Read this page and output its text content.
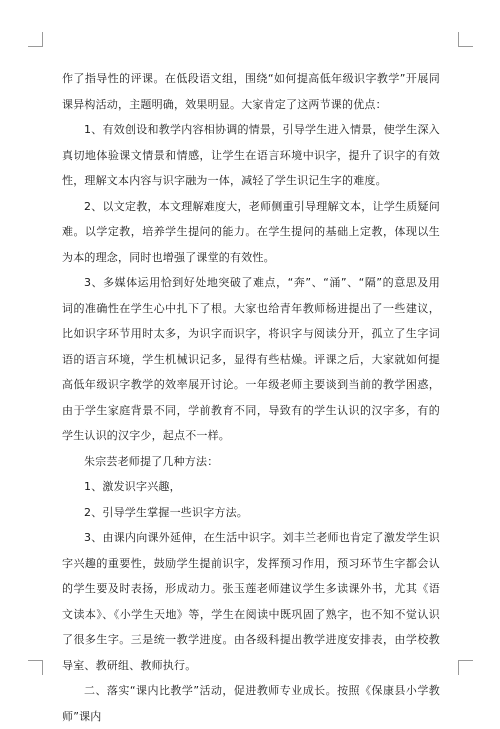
作了指导性的评课。在低段语文组，围绕“如何提高低年级识字教学”开展同课异构活动，主题明确，效果明显。大家肯定了这两节课的优点：

1、有效创设和教学内容相协调的情景，引导学生进入情景，使学生深入真切地体验课文情景和情感，让学生在语言环境中识字，提升了识字的有效性，理解文本内容与识字融为一体，减轻了学生识记生字的难度。

2、以文定教，本文理解难度大，老师侧重引导理解文本，让学生质疑问难。以学定教，培养学生提问的能力。在学生提问的基础上定教，体现以生为本的理念，同时也增强了课堂的有效性。

3、多媒体运用恰到好处地突破了难点，“奔”、“涌”、“隔”的意思及用词的准确性在学生心中扎下了根。大家也给青年教师杨进提出了一些建议，比如识字环节用时太多，为识字而识字，将识字与阅读分开，孤立了生字词语的语言环境，学生机械识记多，显得有些枯燥。评课之后，大家就如何提高低年级识字教学的效率展开讨论。一年级老师主要谈到当前的教学困惑，由于学生家庭背景不同，学前教育不同，导致有的学生认识的汉字多，有的学生认识的汉字少，起点不一样。

朱宗芸老师提了几种方法：

1、激发识字兴趣，

2、引导学生掌握一些识字方法。

3、由课内向课外延伸，在生活中识字。刘丰兰老师也肯定了激发学生识字兴趣的重要性，鼓励学生提前识字，发挥预习作用，预习环节生字都会认的学生要及时表扬，形成动力。张玉莲老师建议学生多读课外书，尤其《语文读本》、《小学生天地》等，学生在阅读中既巩固了熟字，也不知不觉认识了很多生字。三是统一教学进度。由各级科提出教学进度安排表，由学校教导室、教研组、教师执行。

二、落实“课内比教学”活动，促进教师专业成长。按照《保康县小学教师”课内
